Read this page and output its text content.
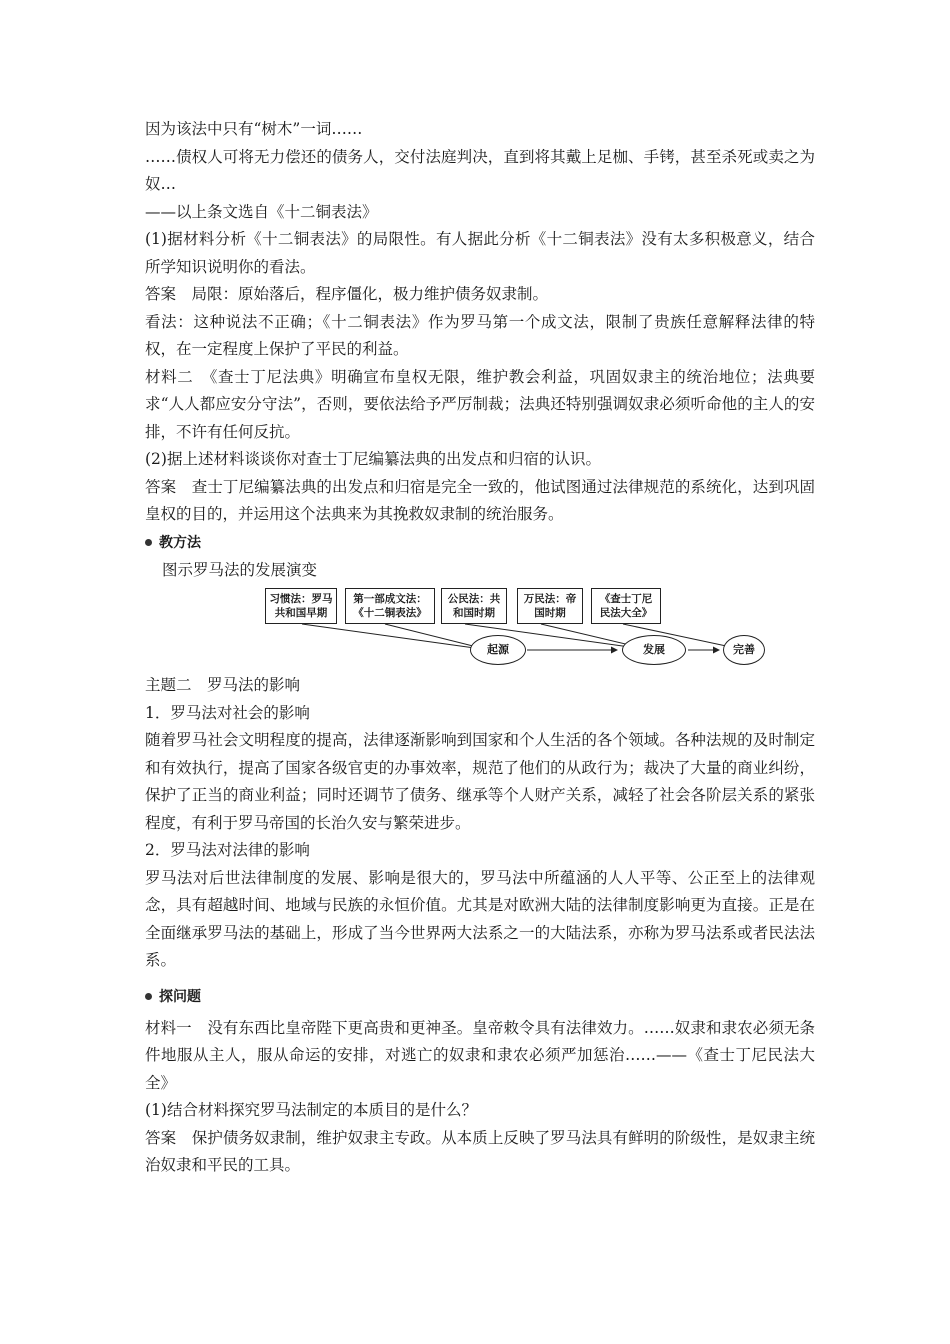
因为该法中只有“树木”一词……

……债权人可将无力偿还的债务人，交付法庭判决，直到将其戴上足枷、手铐，甚至杀死或卖之为奴…

——以上条文选自《十二铜表法》

(1)据材料分析《十二铜表法》的局限性。有人据此分析《十二铜表法》没有太多积极意义，结合所学知识说明你的看法。

答案　局限：原始落后，程序僵化，极力维护债务奴隶制。

看法：这种说法不正确；《十二铜表法》作为罗马第一个成文法，限制了贵族任意解释法律的特权，在一定程度上保护了平民的利益。

材料二　《查士丁尼法典》明确宣布皇权无限，维护教会利益，巩固奴隶主的统治地位；法典要求“人人都应安分守法”，否则，要依法给予严厉制裁；法典还特别强调奴隶必须听命他的主人的安排，不许有任何反抗。

(2)据上述材料谈谈你对查士丁尼编纂法典的出发点和归宿的认识。

答案　查士丁尼编纂法典的出发点和归宿是完全一致的，他试图通过法律规范的系统化，达到巩固皇权的目的，并运用这个法典来为其挽救奴隶制的统治服务。

教方法

图示罗马法的发展演变

习惯法：罗马
共和国早期
第一部成文法：
《十二铜表法》
公民法：共
和国时期
万民法：帝
国时期
《查士丁尼
民法大全》
起源	发展	完善

主题二　罗马法的影响

1．罗马法对社会的影响

随着罗马社会文明程度的提高，法律逐渐影响到国家和个人生活的各个领域。各种法规的及时制定和有效执行，提高了国家各级官吏的办事效率，规范了他们的从政行为；裁决了大量的商业纠纷，保护了正当的商业利益；同时还调节了债务、继承等个人财产关系，减轻了社会各阶层关系的紧张程度，有利于罗马帝国的长治久安与繁荣进步。

2．罗马法对法律的影响

罗马法对后世法律制度的发展、影响是很大的，罗马法中所蕴涵的人人平等、公正至上的法律观念，具有超越时间、地域与民族的永恒价值。尤其是对欧洲大陆的法律制度影响更为直接。正是在全面继承罗马法的基础上，形成了当今世界两大法系之一的大陆法系，亦称为罗马法系或者民法法系。

探问题

材料一　没有东西比皇帝陛下更高贵和更神圣。皇帝敕令具有法律效力。……奴隶和隶农必须无条件地服从主人，服从命运的安排，对逃亡的奴隶和隶农必须严加惩治……——《查士丁尼民法大全》

(1)结合材料探究罗马法制定的本质目的是什么？

答案　保护债务奴隶制，维护奴隶主专政。从本质上反映了罗马法具有鲜明的阶级性，是奴隶主统治奴隶和平民的工具。
